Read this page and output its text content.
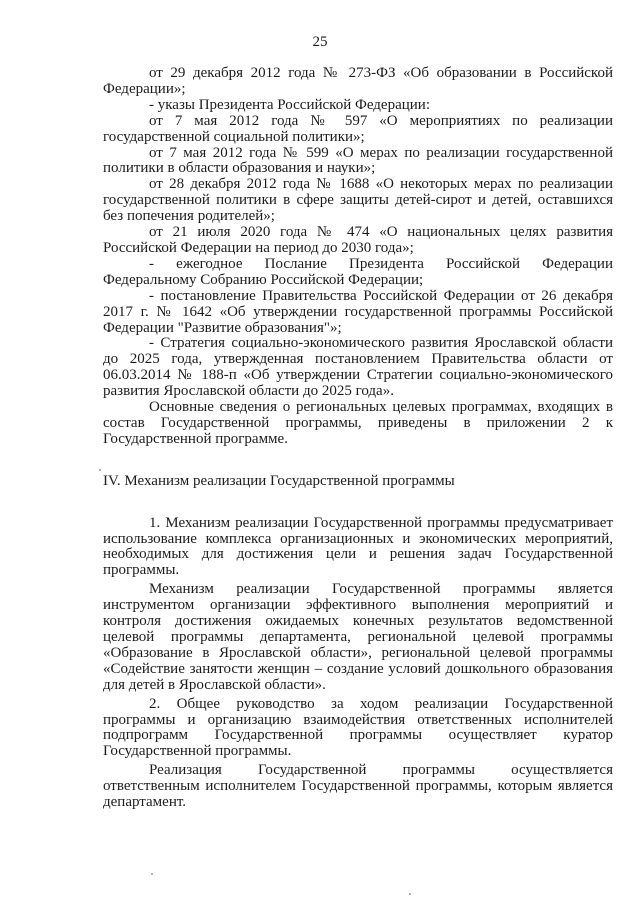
25

от 29 декабря 2012 года № 273-ФЗ «Об образовании в Российской Федерации»;

- указы Президента Российской Федерации:

от 7 мая 2012 года № 597 «О мероприятиях по реализации государственной социальной политики»;

от 7 мая 2012 года № 599 «О мерах по реализации государственной политики в области образования и науки»;

от 28 декабря 2012 года № 1688 «О некоторых мерах по реализации государственной политики в сфере защиты детей-сирот и детей, оставшихся без попечения родителей»;

от 21 июля 2020 года № 474 «О национальных целях развития Российской Федерации на период до 2030 года»;

- ежегодное Послание Президента Российской Федерации Федеральному Собранию Российской Федерации;

- постановление Правительства Российской Федерации от 26 декабря 2017 г. № 1642 «Об утверждении государственной программы Российской Федерации "Развитие образования"»;

- Стратегия социально-экономического развития Ярославской области до 2025 года, утвержденная постановлением Правительства области от 06.03.2014 № 188-п «Об утверждении Стратегии социально-экономического развития Ярославской области до 2025 года».

Основные сведения о региональных целевых программах, входящих в состав Государственной программы, приведены в приложении 2 к Государственной программе.

IV. Механизм реализации Государственной программы

1. Механизм реализации Государственной программы предусматривает использование комплекса организационных и экономических мероприятий, необходимых для достижения цели и решения задач Государственной программы.

Механизм реализации Государственной программы является инструментом организации эффективного выполнения мероприятий и контроля достижения ожидаемых конечных результатов ведомственной целевой программы департамента, региональной целевой программы «Образование в Ярославской области», региональной целевой программы «Содействие занятости женщин – создание условий дошкольного образования для детей в Ярославской области».

2. Общее руководство за ходом реализации Государственной программы и организацию взаимодействия ответственных исполнителей подпрограмм Государственной программы осуществляет куратор Государственной программы.

Реализация Государственной программы осуществляется ответственным исполнителем Государственной программы, которым является департамент.
